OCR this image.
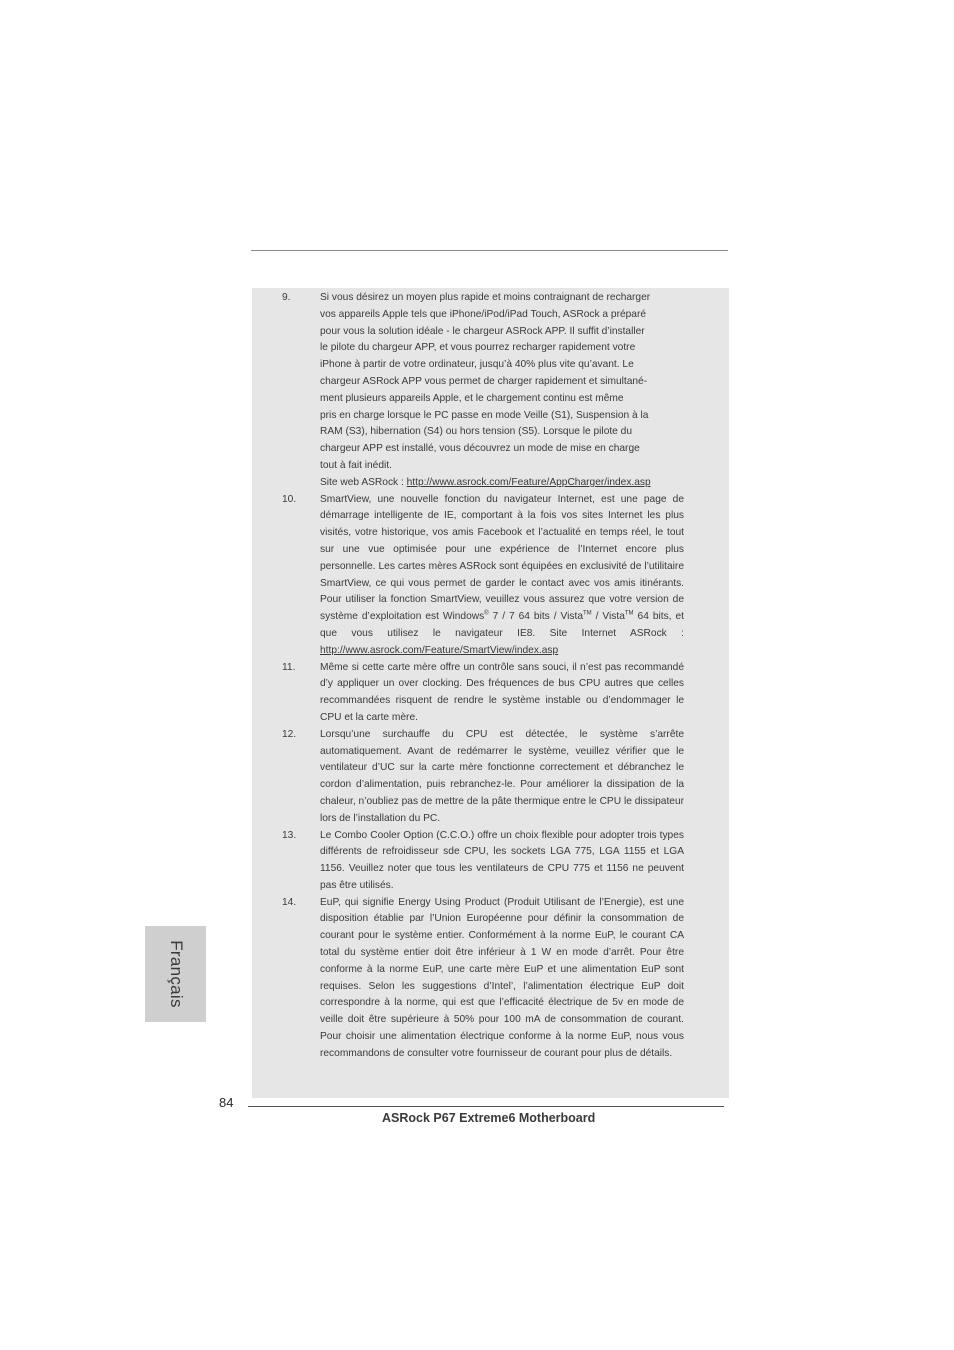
9.	Si vous désirez un moyen plus rapide et moins contraignant de recharger
vos appareils Apple tels que iPhone/iPod/iPad Touch, ASRock a préparé
pour vous la solution idéale - le chargeur ASRock APP. Il suffit d’installer
le pilote du chargeur APP, et vous pourrez recharger rapidement votre
iPhone à partir de votre ordinateur, jusqu’à 40% plus vite qu’avant. Le
chargeur ASRock APP vous permet de charger rapidement et simultané-
ment plusieurs appareils Apple, et le chargement continu est même
pris en charge lorsque le PC passe en mode Veille (S1), Suspension à la
RAM (S3), hibernation (S4) ou hors tension (S5). Lorsque le pilote du
chargeur APP est installé, vous découvrez un mode de mise en charge
tout à fait inédit.
Site web ASRock : http://www.asrock.com/Feature/AppCharger/index.asp
10.	SmartView, une nouvelle fonction du navigateur Internet, est une page de démarrage intelligente de IE, comportant à la fois vos sites Internet les plus visités, votre historique, vos amis Facebook et l’actualité en temps réel, le tout sur une vue optimisée pour une expérience de l’Internet encore plus personnelle. Les cartes mères ASRock sont équipées en exclusivité de l’utilitaire SmartView, ce qui vous permet de garder le contact avec vos amis itinérants. Pour utiliser la fonction SmartView, veuillez vous assurez que votre version de système d’exploitation est Windows® 7 / 7 64 bits / Vista™ / Vista™ 64 bits, et que vous utilisez le navigateur IE8. Site Internet ASRock : http://www.asrock.com/Feature/SmartView/index.asp
11.	Même si cette carte mère offre un contrôle sans souci, il n’est pas recommandé d’y appliquer un over clocking. Des fréquences de bus CPU autres que celles recommandées risquent de rendre le système instable ou d’endommager le CPU et la carte mère.
12.	Lorsqu’une surchauffe du CPU est détectée, le système s’arrête automatiquement. Avant de redémarrer le système, veuillez vérifier que le ventilateur d’UC sur la carte mère fonctionne correctement et débranchez le cordon d’alimentation, puis rebranchez-le. Pour améliorer la dissipation de la chaleur, n’oubliez pas de mettre de la pâte thermique entre le CPU le dissipateur lors de l’installation du PC.
13.	Le Combo Cooler Option (C.C.O.) offre un choix flexible pour adopter trois types différents de refroidisseur sde CPU, les sockets LGA 775, LGA 1155 et LGA 1156. Veuillez noter que tous les ventilateurs de CPU 775 et 1156 ne peuvent pas être utilisés.
14.	EuP, qui signifie Energy Using Product (Produit Utilisant de l’Energie), est une disposition établie par l’Union Européenne pour définir la consommation de courant pour le système entier. Conformément à la norme EuP, le courant CA total du système entier doit être inférieur à 1 W en mode d’arrêt. Pour être conforme à la norme EuP, une carte mère EuP et une alimentation EuP sont requises. Selon les suggestions d’Intel’, l’alimentation électrique EuP doit correspondre à la norme, qui est que l’efficacité électrique de 5v en mode de veille doit être supérieure à 50% pour 100 mA de consommation de courant. Pour choisir une alimentation électrique conforme à la norme EuP, nous vous recommandons de consulter votre fournisseur de courant pour plus de détails.
Français
84
ASRock P67 Extreme6 Motherboard
